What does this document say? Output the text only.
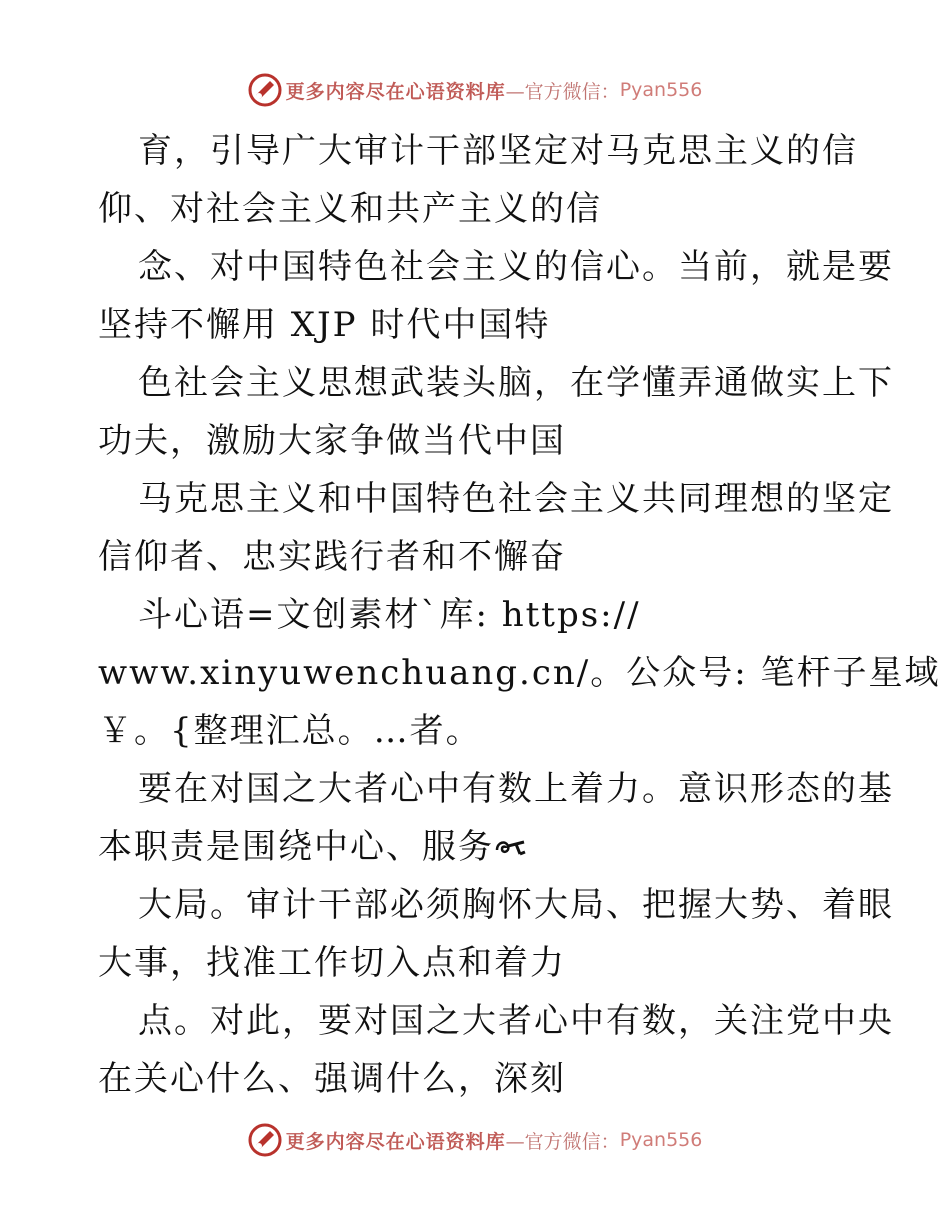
更多内容尽在心语资料库 —官方微信： Pyan556
育，引导广大审计干部坚定对马克思主义的信
仰、对社会主义和共产主义的信
念、对中国特色社会主义的信心。当前，就是要
坚持不懈用 XJP 时代中国特
色社会主义思想武装头脑，在学懂弄通做实上下
功夫，激励大家争做当代中国
马克思主义和中国特色社会主义共同理想的坚定
信仰者、忠实践行者和不懈奋
斗心语=文创素材`库: https://
www.xinyuwenchuang.cn/。公众号: 笔杆子星域
￥。{整理汇总。…者。
要在对国之大者心中有数上着力。意识形态的基
本职责是围绕中心、服务
大局。审计干部必须胸怀大局、把握大势、着眼
大事，找准工作切入点和着力
点。对此，要对国之大者心中有数，关注党中央
在关心什么、强调什么，深刻
更多内容尽在心语资料库 —官方微信： Pyan556
